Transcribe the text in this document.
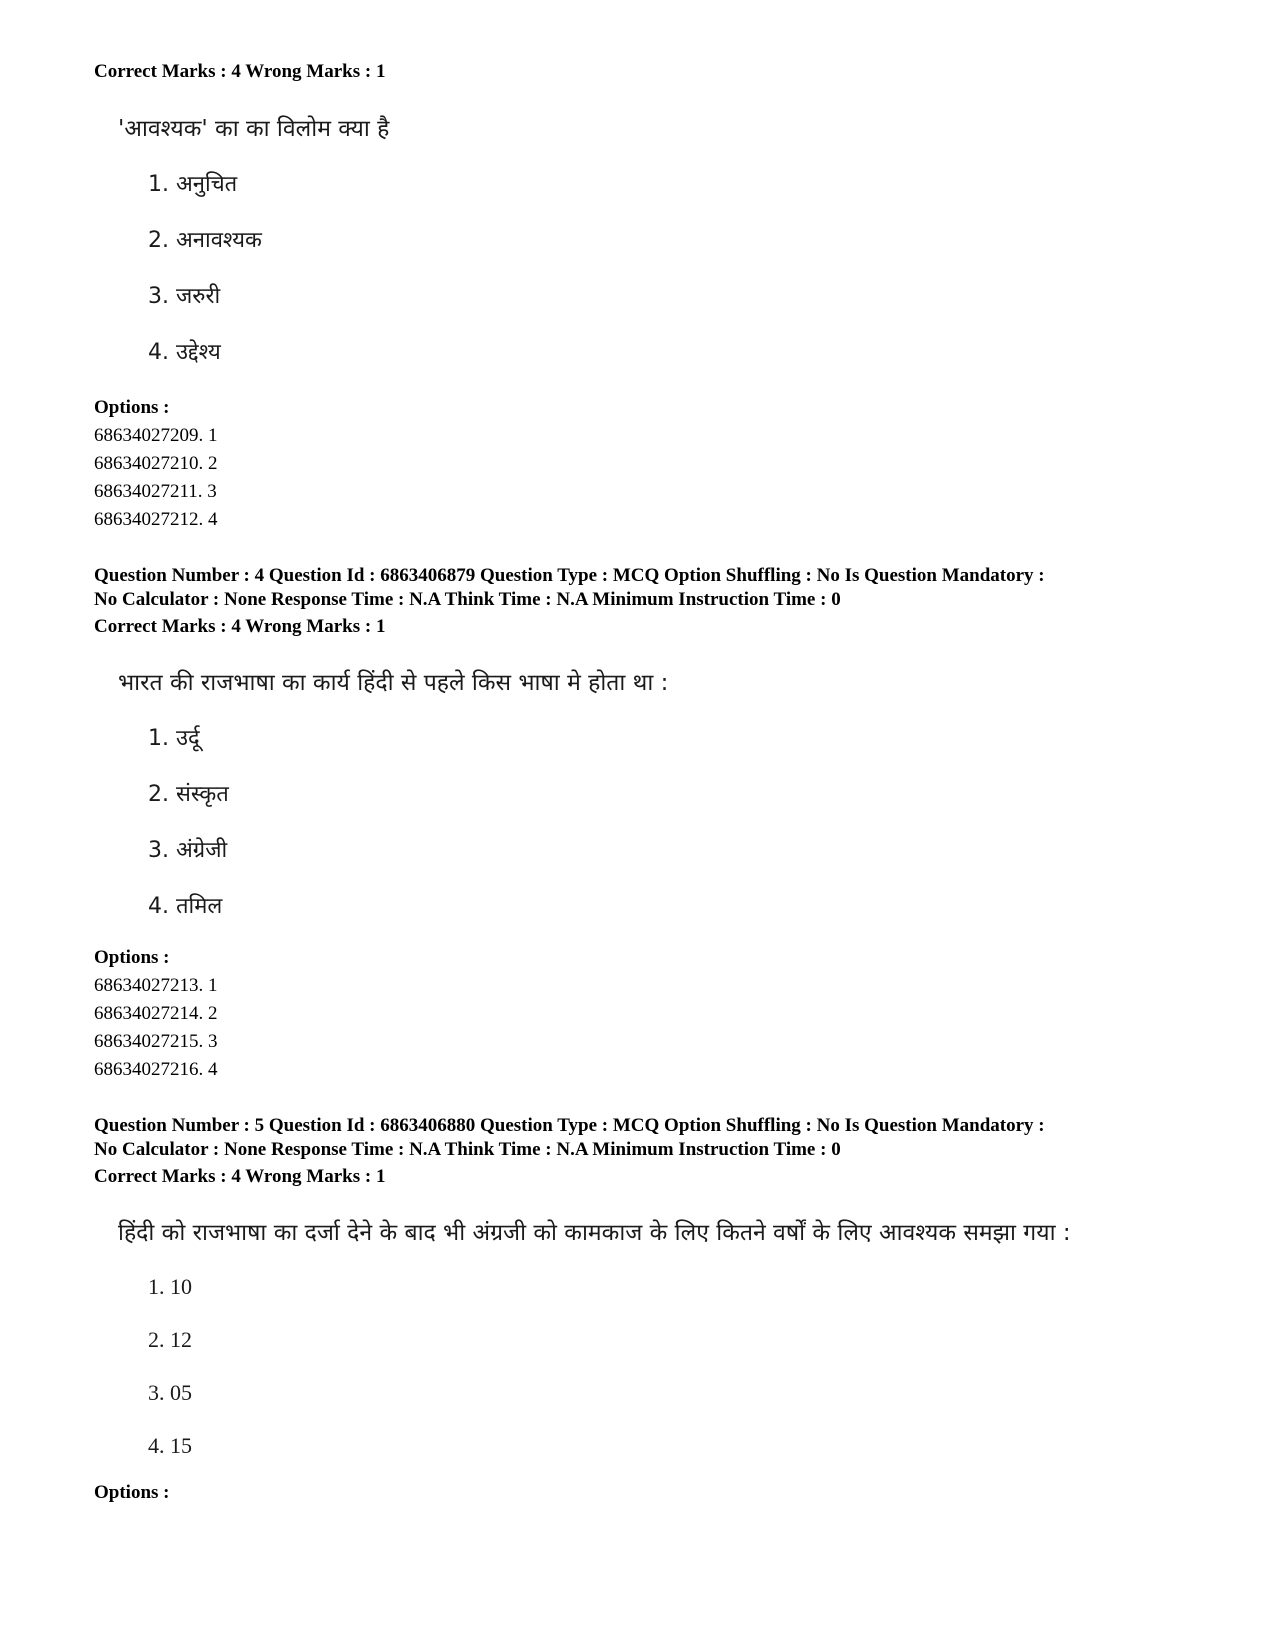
Correct Marks : 4 Wrong Marks : 1
'आवश्यक' का का विलोम क्या है
1. अनुचित
2. अनावश्यक
3. जरुरी
4. उद्देश्य
Options :
68634027209. 1
68634027210. 2
68634027211. 3
68634027212. 4
Question Number : 4 Question Id : 6863406879 Question Type : MCQ Option Shuffling : No Is Question Mandatory :
No Calculator : None Response Time : N.A Think Time : N.A Minimum Instruction Time : 0
Correct Marks : 4 Wrong Marks : 1
भारत की राजभाषा का कार्य हिंदी से पहले किस भाषा मे होता था :
1. उर्दू
2. संस्कृत
3. अंग्रेजी
4. तमिल
Options :
68634027213. 1
68634027214. 2
68634027215. 3
68634027216. 4
Question Number : 5 Question Id : 6863406880 Question Type : MCQ Option Shuffling : No Is Question Mandatory :
No Calculator : None Response Time : N.A Think Time : N.A Minimum Instruction Time : 0
Correct Marks : 4 Wrong Marks : 1
हिंदी को राजभाषा का दर्जा देने के बाद भी अंग्रजी को कामकाज के लिए कितने वर्षों के लिए आवश्यक समझा गया :
1. 10
2. 12
3. 05
4. 15
Options :
